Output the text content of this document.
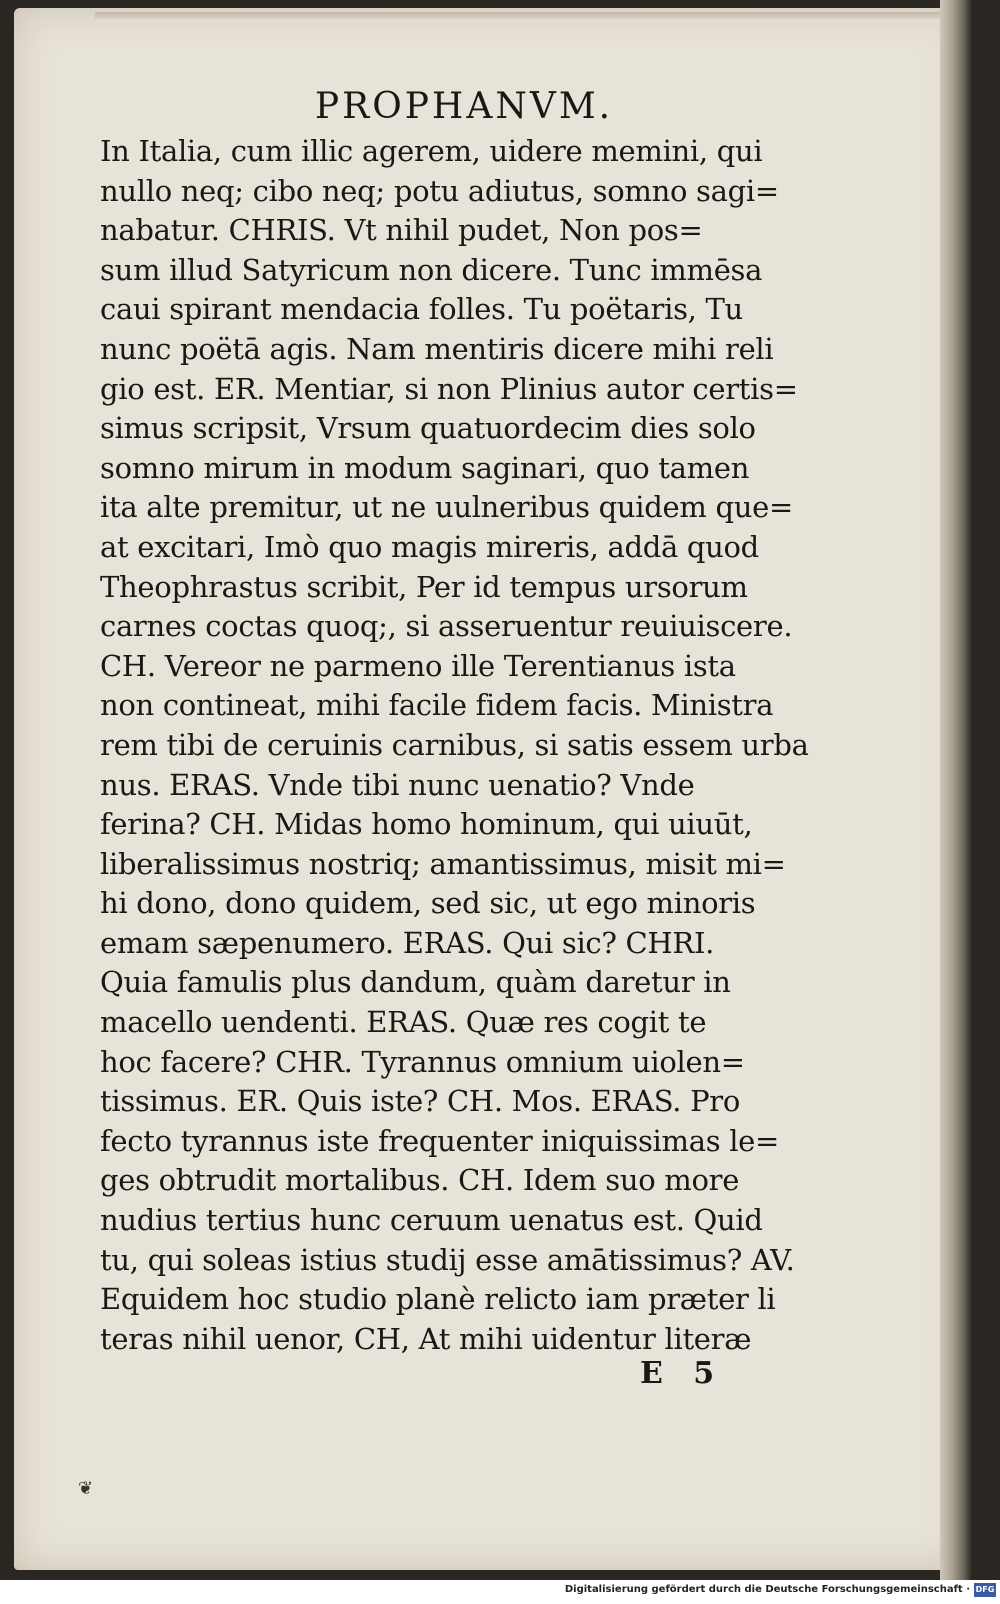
PROPHANVM.
In Italia, cum illic agerem, uidere memini, qui
nullo neq; cibo neq; potu adiutus, somno sagi=
nabatur. CHRIS. Vt nihil pudet, Non pos=
sum illud Satyricum non dicere. Tunc immēsa
caui spirant mendacia folles. Tu poëtaris, Tu
nunc poëtā agis. Nam mentiris dicere mihi reli
gio est. ER. Mentiar, si non Plinius autor certis=
simus scripsit, Vrsum quatuordecim dies solo
somno mirum in modum saginari, quo tamen
ita alte premitur, ut ne uulneribus quidem que=
at excitari, Imò quo magis mireris, addā quod
Theophrastus scribit, Per id tempus ursorum
carnes coctas quoq;, si asseruentur reuiuiscere.
CH. Vereor ne parmeno ille Terentianus ista
non contineat, mihi facile fidem facis. Ministra
rem tibi de ceruinis carnibus, si satis essem urba
nus. ERAS. Vnde tibi nunc uenatio? Vnde
ferina? CH. Midas homo hominum, qui uiuūt,
liberalissimus nostriq; amantissimus, misit mi=
hi dono, dono quidem, sed sic, ut ego minoris
emam sæpenumero. ERAS. Qui sic? CHRI.
Quia famulis plus dandum, quàm daretur in
macello uendenti. ERAS. Quæ res cogit te
hoc facere? CHR. Tyrannus omnium uiolen=
tissimus. ER. Quis iste? CH. Mos. ERAS. Pro
fecto tyrannus iste frequenter iniquissimas le=
ges obtrudit mortalibus. CH. Idem suo more
nudius tertius hunc ceruum uenatus est. Quid
tu, qui soleas istius studij esse amātissimus? AV.
Equidem hoc studio planè relicto iam præter li
teras nihil uenor, CH, At mihi uidentur literæ
E 5
❦
Digitalisierung gefördert durch die Deutsche Forschungsgemeinschaft · DFG
